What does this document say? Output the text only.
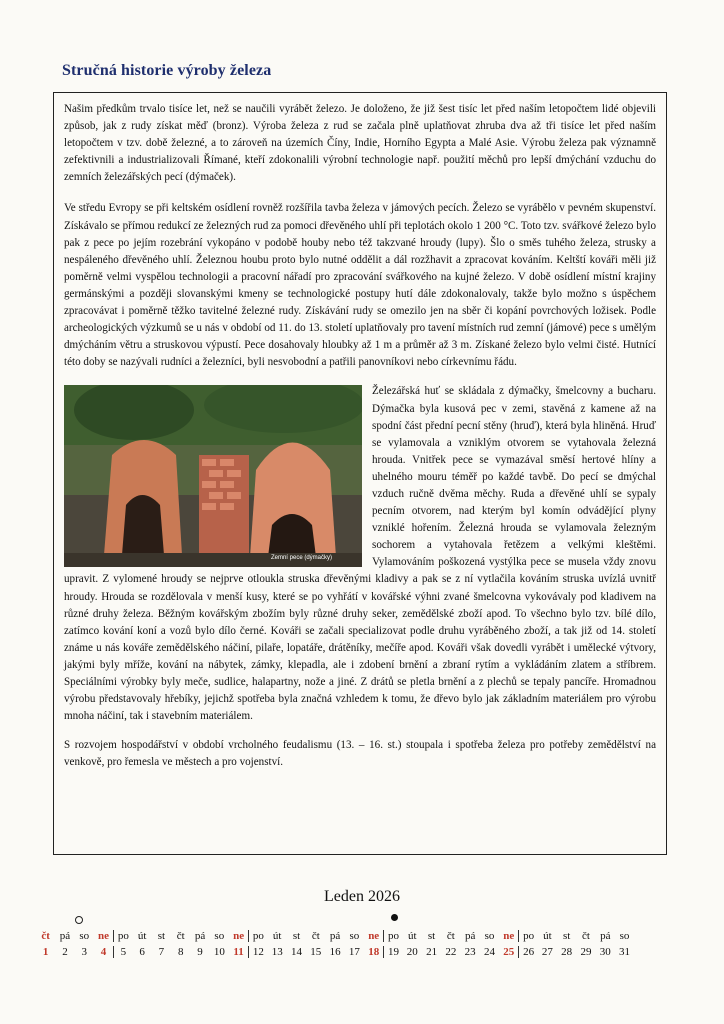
Stručná historie výroby železa

Našim předkům trvalo tisíce let, než se naučili vyrábět železo. Je doloženo, že již šest tisíc let před naším letopočtem lidé objevili způsob, jak z rudy získat měď (bronz). Výroba železa z rud se začala plně uplatňovat zhruba dva až tři tisíce let před naším letopočtem v tzv. době železné, a to zároveň na územích Číny, Indie, Horního Egypta a Malé Asie. Výrobu železa pak významně zefektivnili a industrializovali Římané, kteří zdokonalili výrobní technologie např. použití měchů pro lepší dmýchání vzduchu do zemních železářských pecí (dýmaček).

Ve středu Evropy se při keltském osídlení rovněž rozšířila tavba železa v jámových pecích. Železo se vyrábělo v pevném skupenství. Získávalo se přímou redukcí ze železných rud za pomoci dřevěného uhlí při teplotách okolo 1 200 °C. Toto tzv. svářkové železo bylo pak z pece po jejím rozebrání vykopáno v podobě houby nebo též takzvané hroudy (lupy). Šlo o směs tuhého železa, strusky a nespáleného dřevěného uhlí. Železnou houbu proto bylo nutné oddělit a dál rozžhavit a zpracovat kováním. Keltští kováři měli již poměrně velmi vyspělou technologii a pracovní nářadí pro zpracování svářkového na kujné železo. V době osídlení místní krajiny germánskými a později slovanskými kmeny se technologické postupy hutí dále zdokonalovaly, takže bylo možno s úspěchem zpracovávat i poměrně těžko tavitelné železné rudy. Získávání rudy se omezilo jen na sběr či kopání povrchových ložisek. Podle archeologických výzkumů se u nás v období od 11. do 13. století uplatňovaly pro tavení místních rud zemní (jámové) pece s umělým dmýcháním větru a struskovou výpustí. Pece dosahovaly hloubky až 1 m a průměr až 3 m. Získané železo bylo velmi čisté. Hutnící této doby se nazývali rudníci a železníci, byli nesvobodní a patřili panovníkovi nebo církevnímu řádu.

Zemní pece (dýmačky)

Železářská huť se skládala z dýmačky, šmelcovny a bucharu. Dýmačka byla kusová pec v zemi, stavěná z kamene až na spodní část přední pecní stěny (hruď), která byla hliněná. Hruď se vylamovala a vzniklým otvorem se vytahovala železná hrouda. Vnitřek pece se vymazával směsí hertové hlíny a uhelného mouru téměř po každé tavbě. Do pecí se dmýchal vzduch ručně dvěma měchy. Ruda a dřevěné uhlí se sypaly pecním otvorem, nad kterým byl komín odvádějící plyny vzniklé hořením. Železná hrouda se vylamovala železným sochorem a vytahovala řetězem a velkými kleštěmi. Vylamováním poškozená vystýlka pece se musela vždy znovu upravit. Z vylomené hroudy se nejprve otloukla struska dřevěnými kladivy a pak se z ní vytlačila kováním struska uvízlá uvnitř hroudy. Hrouda se rozdělovala v menší kusy, které se po vyhřátí v kovářské výhni zvané šmelcovna vykovávaly pod kladivem na různé druhy železa. Běžným kovářským zbožím byly různé druhy seker, zemědělské zboží apod. To všechno bylo tzv. bílé dílo, zatímco kování koní a vozů bylo dílo černé. Kováři se začali specializovat podle druhu vyráběného zboží, a tak již od 14. století známe u nás kováře zemědělského náčiní, pilaře, lopatáře, drátěníky, mečíře apod. Kováři však dovedli vyrábět i umělecké výtvory, jakými byly mříže, kování na nábytek, zámky, klepadla, ale i zdobení brnění a zbraní rytím a vykládáním zlatem a stříbrem. Speciálními výrobky byly meče, sudlice, halapartny, nože a jiné. Z drátů se pletla brnění a z plechů se tepaly pancíře. Hromadnou výrobu představovaly hřebíky, jejichž spotřeba byla značná vzhledem k tomu, že dřevo bylo jak základním materiálem pro výrobu mnoha náčiní, tak i stavebním materiálem.

S rozvojem hospodářství v období vrcholného feudalismu (13. – 16. st.) stoupala i spotřeba železa pro potřeby zemědělství na venkově, pro řemesla ve městech a pro vojenství.

Leden 2026
čt pá so ne po út	st	čt pá so ne po út	st	čt pá so ne po út	st	čt pá so ne po út	st	čt pá so
1	2	3	4	5	6	7	8	9	10 11 12 13 14 15 16 17 18 19 20 21 22 23 24 25 26 27 28 29 30 31
